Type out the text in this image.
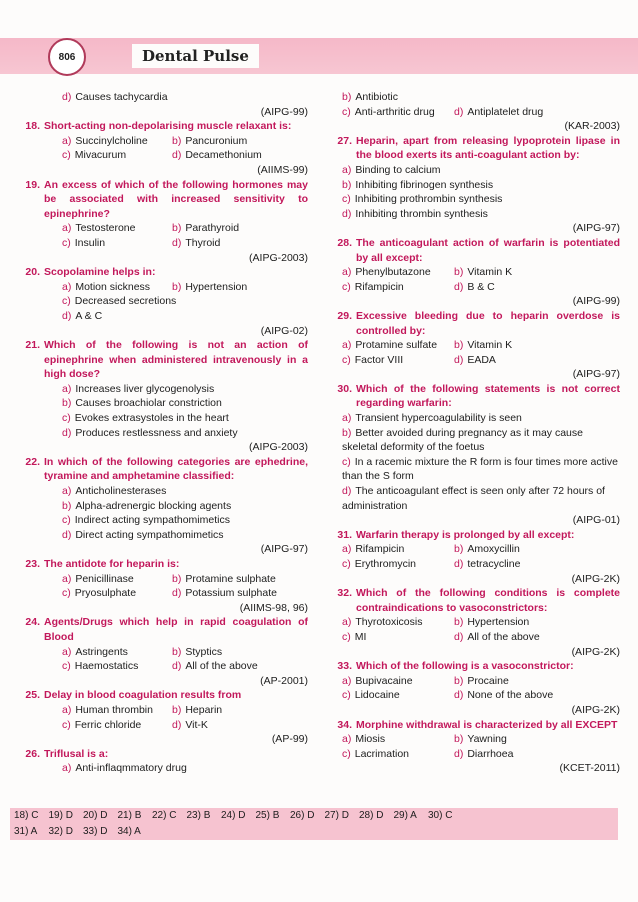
806	Dental Pulse
d) Causes tachycardia
(AIPG-99)
18. Short-acting non-depolarising muscle relaxant is:
a) Succinylcholine	b) Pancuronium
c) Mivacurum	d) Decamethonium
(AIIMS-99)
19. An excess of which of the following hormones may be associated with increased sensitivity to epinephrine?
a) Testosterone	b) Parathyroid
c) Insulin	d) Thyroid
(AIPG-2003)
20. Scopolamine helps in:
a) Motion sickness	b) Hypertension
c) Decreased secretions
d) A & C
(AIPG-02)
21. Which of the following is not an action of epinephrine when administered intravenously in a high dose?
a) Increases liver glycogenolysis
b) Causes broachiolar constriction
c) Evokes extrasystoles in the heart
d) Produces restlessness and anxiety
(AIPG-2003)
22. In which of the following categories are ephedrine, tyramine and amphetamine classified:
a) Anticholinesterases
b) Alpha-adrenergic blocking agents
c) Indirect acting sympathomimetics
d) Direct acting sympathomimetics
(AIPG-97)
23. The antidote for heparin is:
a) Penicillinase	b) Protamine sulphate
c) Pryosulphate	d) Potassium sulphate
(AIIMS-98, 96)
24. Agents/Drugs which help in rapid coagulation of Blood
a) Astringents	b) Styptics
c) Haemostatics	d) All of the above
(AP-2001)
25. Delay in blood coagulation results from
a) Human thrombin	b) Heparin
c) Ferric chloride	d) Vit-K
(AP-99)
26. Triflusal is a:
a) Anti-inflaqmmatory drug
b) Antibiotic
c) Anti-arthritic drug	d) Antiplatelet drug
(KAR-2003)
27. Heparin, apart from releasing lypoprotein lipase in the blood exerts its anti-coagulant action by:
a) Binding to calcium
b) Inhibiting fibrinogen synthesis
c) Inhibiting prothrombin synthesis
d) Inhibiting thrombin synthesis
(AIPG-97)
28. The anticoagulant action of warfarin is potentiated by all except:
a) Phenylbutazone	b) Vitamin K
c) Rifampicin	d) B & C
(AIPG-99)
29. Excessive bleeding due to heparin overdose is controlled by:
a) Protamine sulfate	b) Vitamin K
c) Factor VIII	d) EADA
(AIPG-97)
30. Which of the following statements is not correct regarding warfarin:
a) Transient hypercoagulability is seen
b) Better avoided during pregnancy as it may cause skeletal deformity of the foetus
c) In a racemic mixture the R form is four times more active than the S form
d) The anticoagulant effect is seen only after 72 hours of administration
(AIPG-01)
31. Warfarin therapy is prolonged by all except:
a) Rifampicin	b) Amoxycillin
c) Erythromycin	d) tetracycline
(AIPG-2K)
32. Which of the following conditions is complete contraindications to vasoconstrictors:
a) Thyrotoxicosis	b) Hypertension
c) MI	d) All of the above
(AIPG-2K)
33. Which of the following is a vasoconstrictor:
a) Bupivacaine	b) Procaine
c) Lidocaine	d) None of the above
(AIPG-2K)
34. Morphine withdrawal is characterized by all EXCEPT
a) Miosis	b) Yawning
c) Lacrimation	d) Diarrhoea
(KCET-2011)
18) C	19) D	20) D	21) B	22) C	23) B	24) D	25) B	26) D	27) D	28) D	29) A	30) C
31) A	32) D	33) D	34) A
